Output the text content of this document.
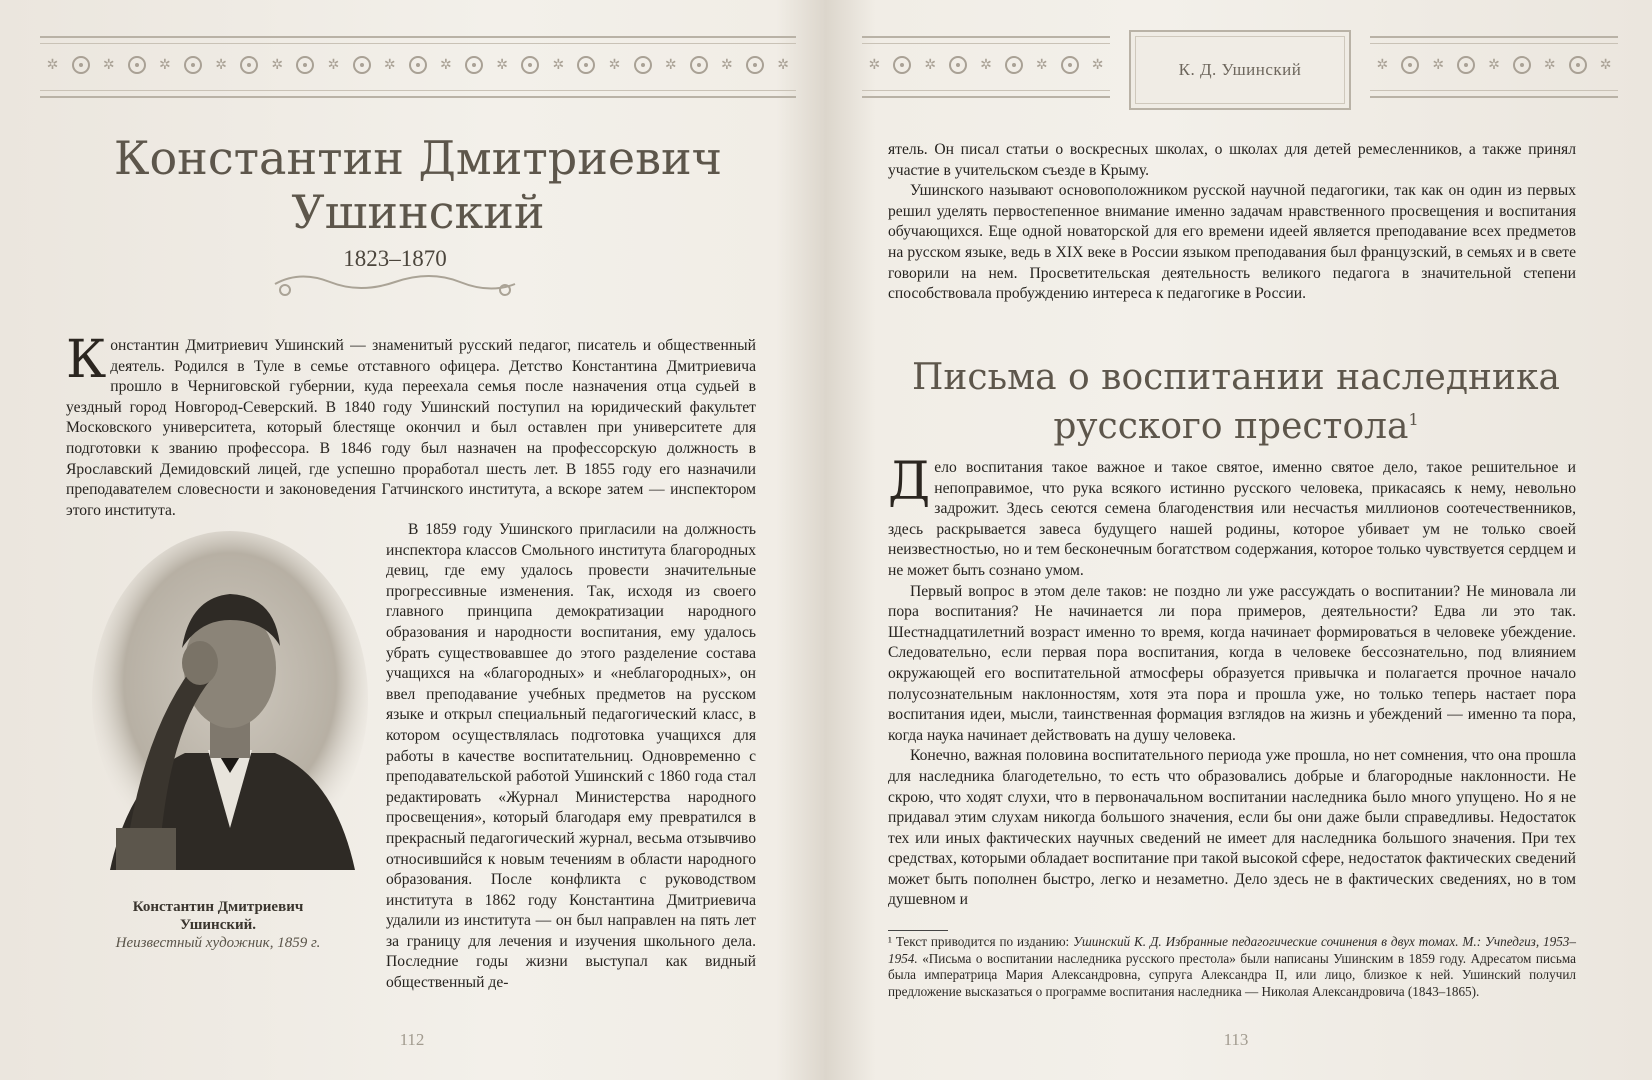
✲	✲	✲	✲	✲	✲	✲	✲	✲	✲	✲	✲	✲	✲
Константин Дмитриевич
Ушинский
1823–1870

Константин Дмитриевич Ушинский — знаменитый русский педагог, писатель и общественный деятель. Родился в Туле в семье отставного офицера. Детство Константина Дмитриевича прошло в Черниговской губернии, куда переехала семья после назначения отца судьей в уездный город Новгород-Северский. В 1840 году Ушинский поступил на юридический факультет Московского университета, который блестяще окончил и был оставлен при университете для подготовки к званию профессора. В 1846 году был назначен на профессорскую должность в Ярославский Демидовский лицей, где успешно проработал шесть лет. В 1855 году его назначили преподавателем словесности и законоведения Гатчинского института, а вскоре затем — инспектором этого института.

В 1859 году Ушинского пригласили на должность инспектора классов Смольного института благородных девиц, где ему удалось провести значительные прогрессивные изменения. Так, исходя из своего главного принципа демократизации народного образования и народности воспитания, ему удалось убрать существовавшее до этого разделение состава учащихся на «благородных» и «неблагородных», он ввел преподавание учебных предметов на русском языке и открыл специальный педагогический класс, в котором осуществлялась подготовка учащихся для работы в качестве воспитательниц. Одновременно с преподавательской работой Ушинский с 1860 года стал редактировать «Журнал Министерства народного просвещения», который благодаря ему превратился в прекрасный педагогический журнал, весьма отзывчиво относившийся к новым течениям в области народного образования. После конфликта с руководством института в 1862 году Константина Дмитриевича удалили из института — он был направлен на пять лет за границу для лечения и изучения школьного дела. Последние годы жизни выступал как видный общественный де-

Константин Дмитриевич Ушинский.
Неизвестный художник, 1859 г.
112
✲	✲	✲	✲	✲	К. Д. Ушинский	✲	✲	✲	✲	✲

ятель. Он писал статьи о воскресных школах, о школах для детей ремесленников, а также принял участие в учительском съезде в Крыму.

Ушинского называют основоположником русской научной педагогики, так как он один из первых решил уделять первостепенное внимание именно задачам нравственного просвещения и воспитания обучающихся. Еще одной новаторской для его времени идеей является преподавание всех предметов на русском языке, ведь в XIX веке в России языком преподавания был французский, в семьях и в свете говорили на нем. Просветительская деятельность великого педагога в значительной степени способствовала пробуждению интереса к педагогике в России.

Письма о воспитании наследника
русского престола$^1$

Дело воспитания такое важное и такое святое, именно святое дело, такое решительное и непоправимое, что рука всякого истинно русского человека, прикасаясь к нему, невольно задрожит. Здесь сеются семена благоденствия или несчастья миллионов соотечественников, здесь раскрывается завеса будущего нашей родины, которое убивает ум не только своей неизвестностью, но и тем бесконечным богатством содержания, которое только чувствуется сердцем и не может быть сознано умом.

Первый вопрос в этом деле таков: не поздно ли уже рассуждать о воспитании? Не миновала ли пора воспитания? Не начинается ли пора примеров, деятельности? Едва ли это так. Шестнадцатилетний возраст именно то время, когда начинает формироваться в человеке убеждение. Следовательно, если первая пора воспитания, когда в человеке бессознательно, под влиянием окружающей его воспитательной атмосферы образуется привычка и полагается прочное начало полусознательным наклонностям, хотя эта пора и прошла уже, но только теперь настает пора воспитания идеи, мысли, таинственная формация взглядов на жизнь и убеждений — именно та пора, когда наука начинает действовать на душу человека.

Конечно, важная половина воспитательного периода уже прошла, но нет сомнения, что она прошла для наследника благодетельно, то есть что образовались добрые и благородные наклонности. Не скрою, что ходят слухи, что в первоначальном воспитании наследника было много упущено. Но я не придавал этим слухам никогда большого значения, если бы они даже были справедливы. Недостаток тех или иных фактических научных сведений не имеет для наследника большого значения. При тех средствах, которыми обладает воспитание при такой высокой сфере, недостаток фактических сведений может быть пополнен быстро, легко и незаметно. Дело здесь не в фактических сведениях, но в том душевном и

¹ Текст приводится по изданию: Ушинский К. Д. Избранные педагогические сочинения в двух томах. М.: Учпедгиз, 1953–1954. «Письма о воспитании наследника русского престола» были написаны Ушинским в 1859 году. Адресатом письма была императрица Мария Александровна, супруга Александра II, или лицо, близкое к ней. Ушинский получил предложение высказаться о программе воспитания наследника — Николая Александровича (1843–1865).
113
